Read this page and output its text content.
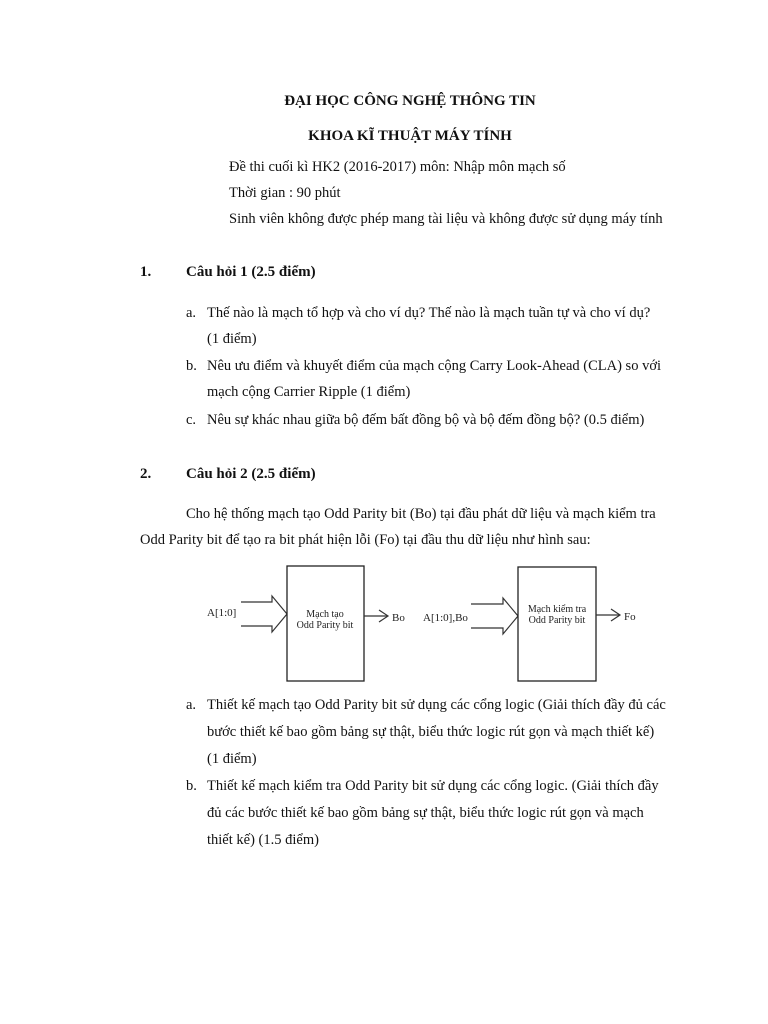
ĐẠI HỌC CÔNG NGHỆ THÔNG TIN
KHOA KĨ THUẬT MÁY TÍNH
Đề thi cuối kì HK2 (2016-2017) môn: Nhập môn mạch số
Thời gian : 90 phút
Sinh viên không được phép mang tài liệu và không được sử dụng máy tính
1. Câu hỏi 1 (2.5 điểm)
a. Thế nào là mạch tổ hợp và cho ví dụ? Thế nào là mạch tuần tự và cho ví dụ?
(1 điểm)
b. Nêu ưu điểm và khuyết điểm của mạch cộng Carry Look-Ahead (CLA) so với
mạch cộng Carrier Ripple (1 điểm)
c. Nêu sự khác nhau giữa bộ đếm bất đồng bộ và bộ đếm đồng bộ? (0.5 điểm)
2. Câu hỏi 2 (2.5 điểm)
Cho hệ thống mạch tạo Odd Parity bit (Bo) tại đầu phát dữ liệu và mạch kiểm tra
Odd Parity bit để tạo ra bit phát hiện lỗi (Fo) tại đầu thu dữ liệu như hình sau:
A[1:0]	Mạch tạo
Odd Parity bit
Bo A[1:0],Bo
Mạch kiểm tra
Odd Parity bit	Fo
a. Thiết kế mạch tạo Odd Parity bit sử dụng các cổng logic (Giải thích đầy đủ các
bước thiết kế bao gồm bảng sự thật, biểu thức logic rút gọn và mạch thiết kế)
(1 điểm)
b. Thiết kế mạch kiểm tra Odd Parity bit sử dụng các cổng logic. (Giải thích đầy
đủ các bước thiết kế bao gồm bảng sự thật, biểu thức logic rút gọn và mạch
thiết kế) (1.5 điểm)
